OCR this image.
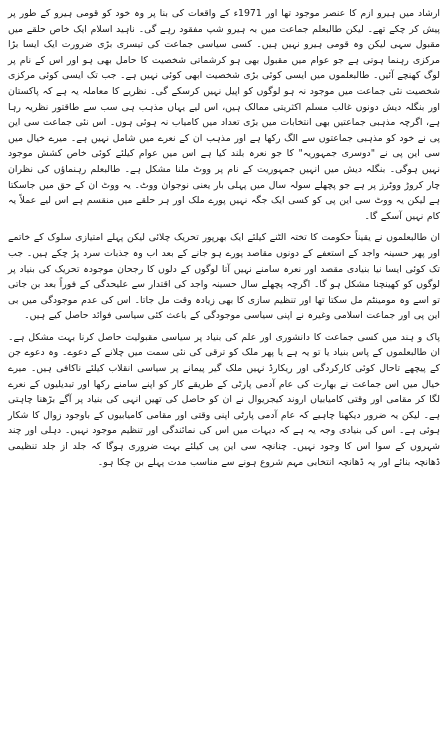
ارشاد میں ہیرو ازم کا عنصر موجود تھا اور 1971ء کے واقعات کی بنا پر وہ خود کو قومی ہیرو کے طور پر پیش کر چکے تھے۔ لیکن طالبعلم جماعت میں بہ ہیرو شپ مفقود رہے گی۔ ناہید اسلام ایک خاص حلقے میں مقبول سہی لیکن وہ قومی ہیرو نہیں ہیں۔ کسی سیاسی جماعت کی تیسری بڑی ضرورت ایک ایسا بڑا مرکزی رہنما ہوتی ہے جو عوام میں مقبول بھی ہو کرشماتی شخصیت کا حامل بھی ہو اور اس کے نام پر لوگ کھنچے آئیں۔ طالبعلموں میں ایسی کوئی بڑی شخصیت ابھی کوئی نہیں ہے۔ جب تک ایسی کوئی مرکزی شخصیت نئی جماعت میں موجود نہ ہو لوگوں کو اپیل نہیں کرسکے گی۔ نظریے کا معاملہ یہ ہے کہ پاکستان اور بنگلہ دیش دونوں غالب مسلم اکثریتی ممالک ہیں، اس لیے یہاں مذہب ہی سب سے طاقتور نظریہ رہا ہے، اگرچہ مذہبی جماعتیں بھی انتخابات میں بڑی تعداد میں کامیاب نہ ہوئی ہوں۔ اس نئی جماعت سی این پی نے خود کو مذہبی جماعتوں سے الگ رکھا ہے اور مذہب ان کے نعرے میں شامل نہیں ہے۔ میرے خیال میں سی این پی نے "دوسری جمہوریہ" کا جو نعرہ بلند کیا ہے اس میں عوام کیلئے کوئی خاص کشش موجود نہیں ہوگی۔ بنگلہ دیش میں انہیں جمہوریت کے نام پر ووٹ ملنا مشکل ہے۔ طالبعلم رہنماؤں کی نظران چار کروڑ ووٹرز پر ہے جو پچھلے سولہ سال میں پہلی بار یعنی نوجوان ووٹ۔ یہ ووٹ ان کے حق میں جاسکتا ہے لیکن یہ ووٹ سی این پی کو کسی ایک جگہ نہیں پورے ملک اور ہر حلقے میں منقسم ہے اس لیے عملاً یہ کام نہیں آسکے گا۔

ان طالبعلموں نے یقیناً حکومت کا تختہ الٹنے کیلئے ایک بھرپور تحریک چلائی لیکن پہلے امتیازی سلوک کے خاتمے اور پھر حسینہ واجد کے استعفے کے دونوں مقاصد پورے ہو جانے کے بعد اب وہ جذبات سرد پڑ چکے ہیں۔ جب تک کوئی ایسا نیا بنیادی مقصد اور نعرہ سامنے نہیں آتا لوگوں کے دلوں کا رجحان موجودہ تحریک کی بنیاد پر لوگوں کو کھینچنا مشکل ہو گا۔ اگرچہ پچھلے سال حسینہ واجد کی اقتدار سے علیحدگی کے فوراً بعد بن جاتی تو اسے وہ مومینٹم مل سکتا تھا اور تنظیم سازی کا بھی زیادہ وقت مل جاتا۔ اس کی عدم موجودگی میں بی این پی اور جماعت اسلامی وغیرہ نے اپنی سیاسی موجودگی کے باعث کئی سیاسی فوائد حاصل کیے ہیں۔

پاک و ہند میں کسی جماعت کا دانشوری اور علم کی بنیاد پر سیاسی مقبولیت حاصل کرنا بہت مشکل ہے۔ ان طالبعلموں کے پاس بنیاد یا تو یہ ہے یا پھر ملک کو ترقی کی نئی سمت میں چلانے کے دعوے۔ وہ دعوے جن کے پیچھے تاحال کوئی کارکردگی اور ریکارڈ نہیں ملک گیر پیمانے پر سیاسی انقلاب کیلئے ناکافی ہیں۔ میرے خیال میں اس جماعت نے بھارت کی عام آدمی پارٹی کے طریقے کار کو اپنے سامنے رکھا اور تبدیلیوں کے نعرے لگا کر مقامی اور وقتی کامیابیاں اروند کیجریوال نے ان کو حاصل کی تھیں انہی کی بنیاد پر آگے بڑھنا چاہتی ہے۔ لیکن یہ ضرور دیکھنا چاہیے کہ عام آدمی پارٹی اپنی وقتی اور مقامی کامیابیوں کے باوجود زوال کا شکار ہوئی ہے۔ اس کی بنیادی وجہ یہ ہے کہ دیہات میں اس کی نمائندگی اور تنظیم موجود نہیں۔ دہلی اور چند شہروں کے سوا اس کا وجود نہیں۔ چنانچہ سی این پی کیلئے بہت ضروری ہوگا کہ جلد از جلد تنظیمی ڈھانچہ بنائے اور یہ ڈھانچہ انتخابی مہم شروع ہونے سے مناسب مدت پہلے بن چکا ہو۔
